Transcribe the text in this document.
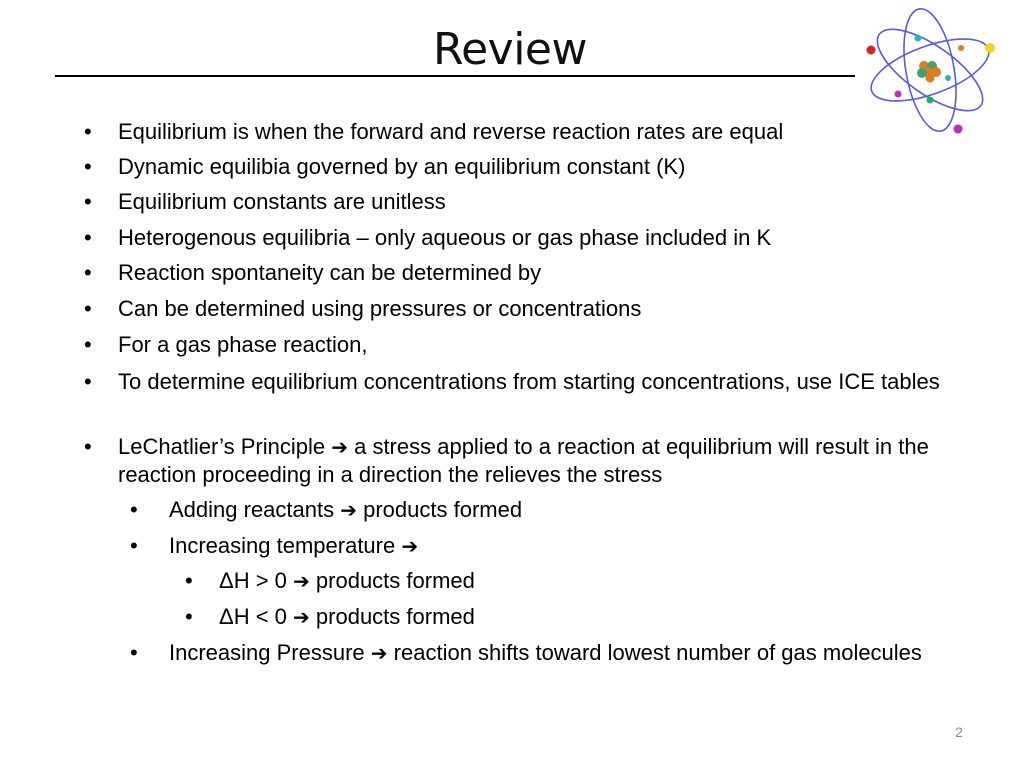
Review
• Equilibrium is when the forward and reverse reaction rates are equal
• Dynamic equilibia governed by an equilibrium constant (K)
• Equilibrium constants are unitless
• Heterogenous equilibria – only aqueous or gas phase included in K
• Reaction spontaneity can be determined by
• Can be determined using pressures or concentrations
• For a gas phase reaction,
• To determine equilibrium concentrations from starting concentrations, use ICE tables
• LeChatlier’s Principle ➔ a stress applied to a reaction at equilibrium will result in the reaction proceeding in a direction the relieves the stress
• Adding reactants ➔ products formed
• Increasing temperature ➔
• ΔH > 0 ➔ products formed
• ΔH < 0 ➔ products formed
• Increasing Pressure ➔ reaction shifts toward lowest number of gas molecules
2
